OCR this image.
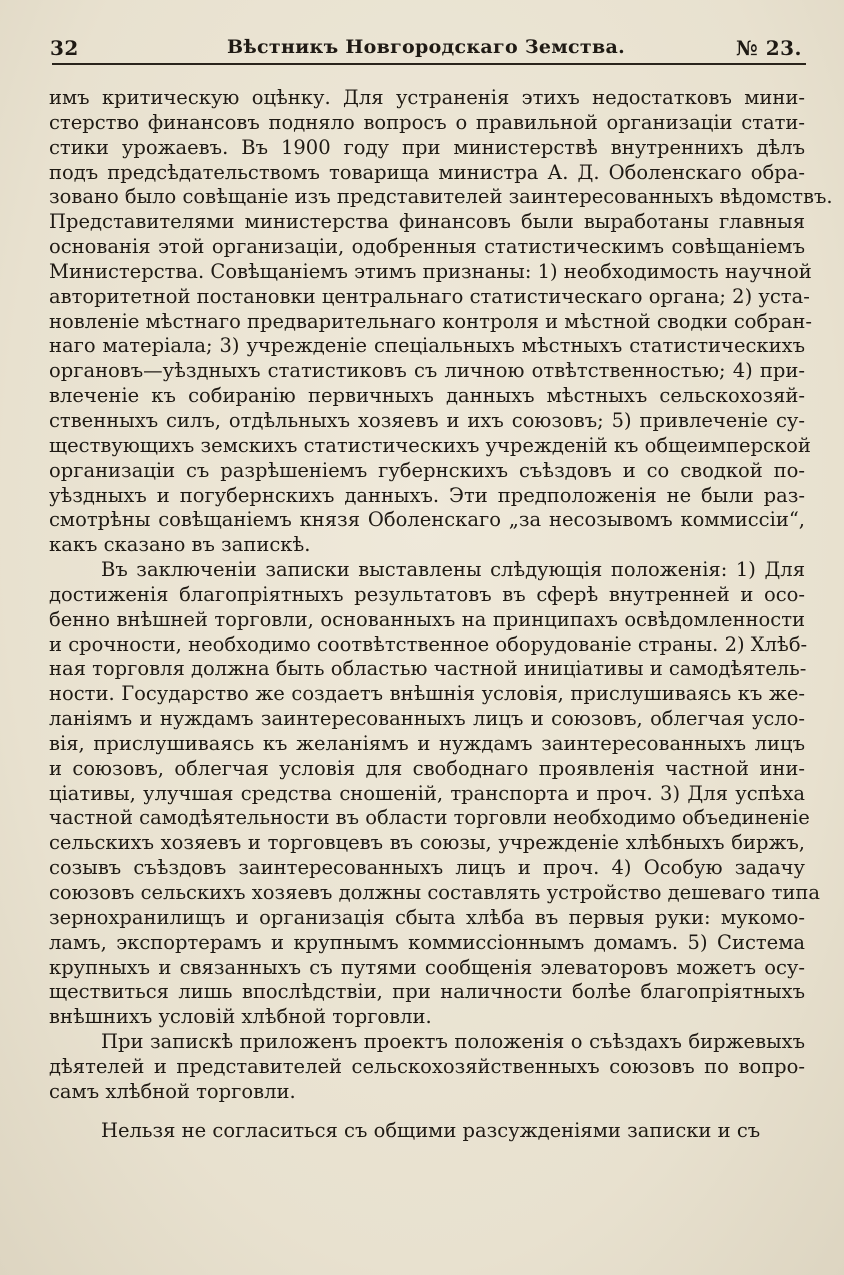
32	Вѣстникъ Новгородскаго Земства.	№ 23.
имъ критическую оцѣнку. Для устраненія этихъ недостатковъ мини-
стерство финансовъ подняло вопросъ о правильной организаціи стати-
стики урожаевъ. Въ 1900 году при министерствѣ внутреннихъ дѣлъ
подъ предсѣдательствомъ товарища министра А. Д. Оболенскаго обра-
зовано было совѣщаніе изъ представителей заинтересованныхъ вѣдомствъ.
Представителями министерства финансовъ были выработаны главныя
основанія этой организаціи, одобренныя статистическимъ совѣщаніемъ
Министерства. Совѣщаніемъ этимъ признаны: 1) необходимость научной
авторитетной постановки центральнаго статистическаго органа; 2) уста-
новленіе мѣстнаго предварительнаго контроля и мѣстной сводки собран-
наго матеріала; 3) учрежденіе спеціальныхъ мѣстныхъ статистическихъ
органовъ—уѣздныхъ статистиковъ съ личною отвѣтственностью; 4) при-
влеченіе къ собиранію первичныхъ данныхъ мѣстныхъ сельскохозяй-
ственныхъ силъ, отдѣльныхъ хозяевъ и ихъ союзовъ; 5) привлеченіе су-
ществующихъ земскихъ статистическихъ учрежденій къ общеимперской
организаціи съ разрѣшеніемъ губернскихъ съѣздовъ и со сводкой по-
уѣздныхъ и погубернскихъ данныхъ. Эти предположенія не были раз-
смотрѣны совѣщаніемъ князя Оболенскаго „за несозывомъ коммиссіи“,
какъ сказано въ запискѣ.
Въ заключеніи записки выставлены слѣдующія положенія: 1) Для
достиженія благопріятныхъ результатовъ въ сферѣ внутренней и осо-
бенно внѣшней торговли, основанныхъ на принципахъ освѣдомленности
и срочности, необходимо соотвѣтственное оборудованіе страны. 2) Хлѣб-
ная торговля должна быть областью частной иниціативы и самодѣятель-
ности. Государство же создаетъ внѣшнія условія, прислушиваясь къ же-
ланіямъ и нуждамъ заинтересованныхъ лицъ и союзовъ, облегчая усло-
вія, прислушиваясь къ желаніямъ и нуждамъ заинтересованныхъ лицъ
и союзовъ, облегчая условія для свободнаго проявленія частной ини-
ціативы, улучшая средства сношеній, транспорта и проч. 3) Для успѣха
частной самодѣятельности въ области торговли необходимо объединеніе
сельскихъ хозяевъ и торговцевъ въ союзы, учрежденіе хлѣбныхъ биржъ,
созывъ съѣздовъ заинтересованныхъ лицъ и проч. 4) Особую задачу
союзовъ сельскихъ хозяевъ должны составлять устройство дешеваго типа
зернохранилищъ и организація сбыта хлѣба въ первыя руки: мукомо-
ламъ, экспортерамъ и крупнымъ коммиссіоннымъ домамъ. 5) Система
крупныхъ и связанныхъ съ путями сообщенія элеваторовъ можетъ осу-
ществиться лишь впослѣдствіи, при наличности болѣе благопріятныхъ
внѣшнихъ условій хлѣбной торговли.
При запискѣ приложенъ проектъ положенія о съѣздахъ биржевыхъ
дѣятелей и представителей сельскохозяйственныхъ союзовъ по вопро-
самъ хлѣбной торговли.
Нельзя не согласиться съ общими разсужденіями записки и съ
